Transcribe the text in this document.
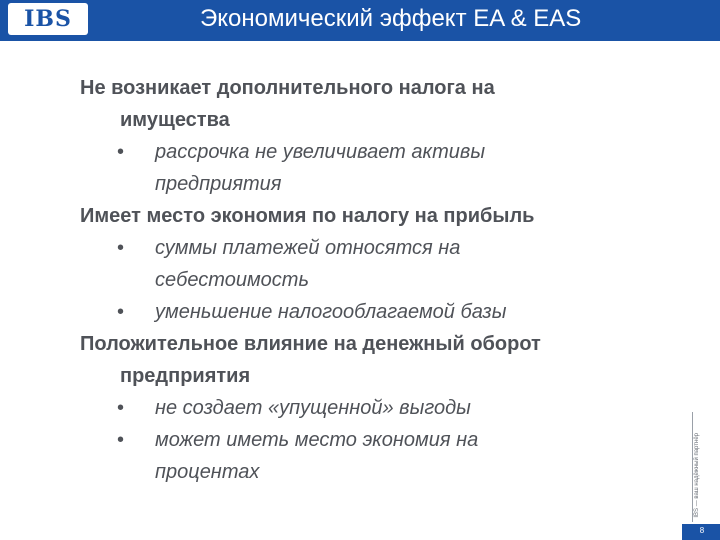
IBS	Экономический эффект EA & EAS
Не возникает дополнительного налога на
имущества
• рассрочка не увеличивает активы
предприятия
Имеет место экономия по налогу на прибыль
• суммы платежей относятся на
себестоимость
• уменьшение налогооблагаемой базы
Положительное влияние на денежный оборот
предприятия
• не создает «упущенной» выгоды
• может иметь место экономия на
процентах	IBS — ваш надёжный партнёр
8
